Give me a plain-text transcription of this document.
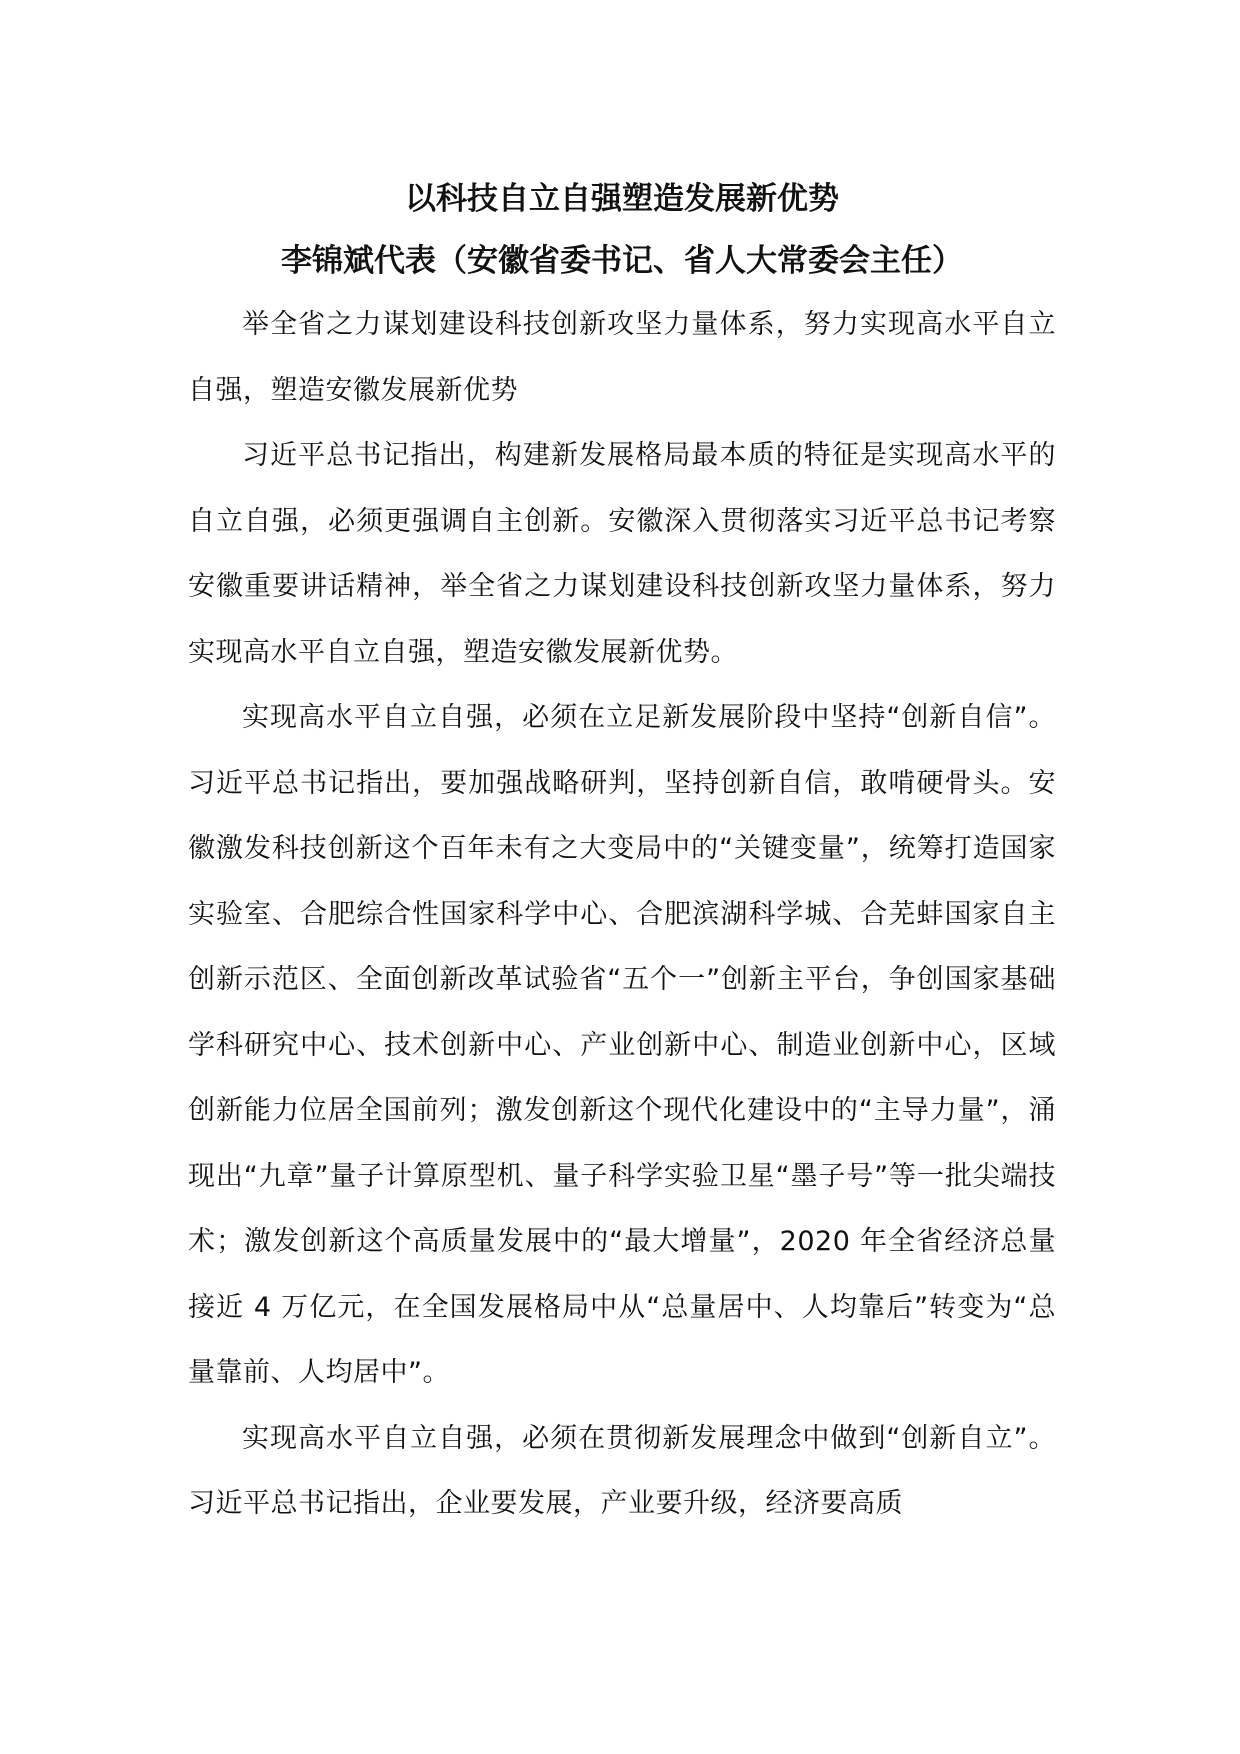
以科技自立自强塑造发展新优势
李锦斌代表（安徽省委书记、省人大常委会主任）

举全省之力谋划建设科技创新攻坚力量体系，努力实现高水平自立自强，塑造安徽发展新优势

习近平总书记指出，构建新发展格局最本质的特征是实现高水平的自立自强，必须更强调自主创新。安徽深入贯彻落实习近平总书记考察安徽重要讲话精神，举全省之力谋划建设科技创新攻坚力量体系，努力实现高水平自立自强，塑造安徽发展新优势。

实现高水平自立自强，必须在立足新发展阶段中坚持“创新自信”。习近平总书记指出，要加强战略研判，坚持创新自信，敢啃硬骨头。安徽激发科技创新这个百年未有之大变局中的“关键变量”，统筹打造国家实验室、合肥综合性国家科学中心、合肥滨湖科学城、合芜蚌国家自主创新示范区、全面创新改革试验省“五个一”创新主平台，争创国家基础学科研究中心、技术创新中心、产业创新中心、制造业创新中心，区域创新能力位居全国前列；激发创新这个现代化建设中的“主导力量”，涌现出“九章”量子计算原型机、量子科学实验卫星“墨子号”等一批尖端技术；激发创新这个高质量发展中的“最大增量”，2020 年全省经济总量接近 4 万亿元，在全国发展格局中从“总量居中、人均靠后”转变为“总量靠前、人均居中”。

实现高水平自立自强，必须在贯彻新发展理念中做到“创新自立”。习近平总书记指出，企业要发展，产业要升级，经济要高质
